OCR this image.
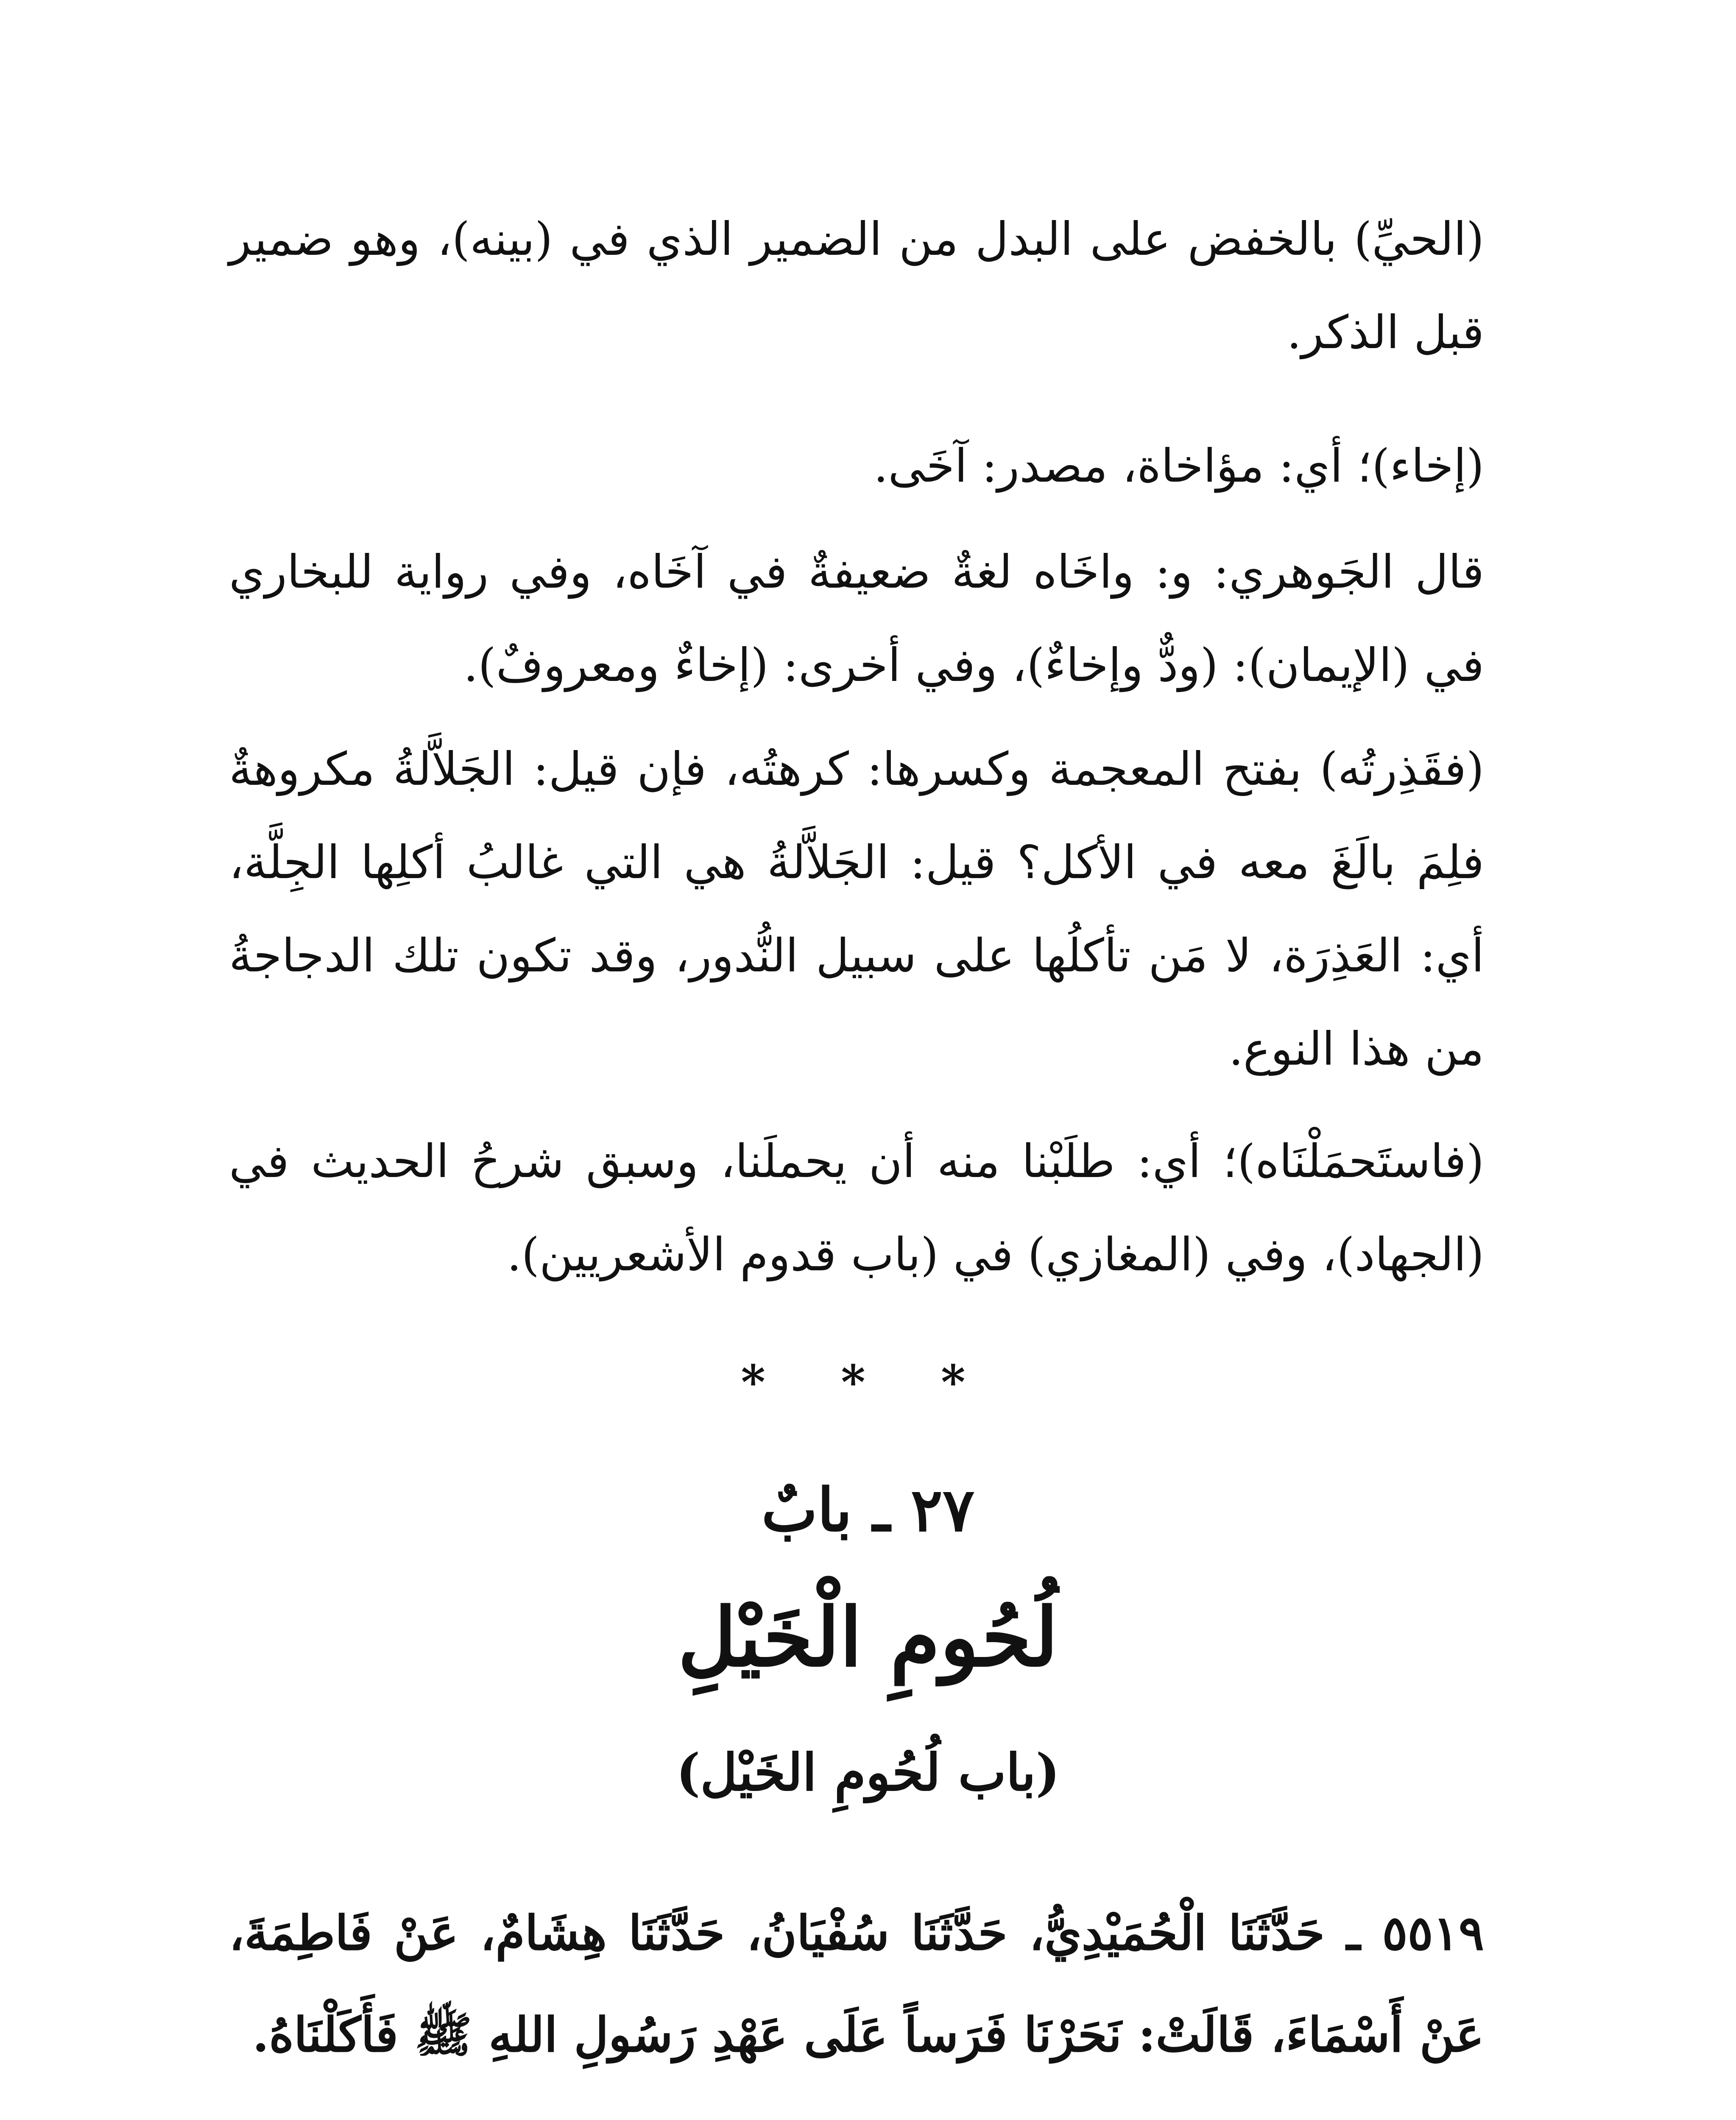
(الحيِّ) بالخفض على البدل من الضمير الذي في (بينه)، وهو ضمير قبل الذكر.

(إخاء)؛ أي: مؤاخاة، مصدر: آخَى.

قال الجَوهري: و: واخَاه لغةٌ ضعيفةٌ في آخَاه، وفي رواية للبخاري في (الإيمان): (ودٌّ وإخاءٌ)، وفي أخرى: (إخاءٌ ومعروفٌ).

(فقَذِرتُه) بفتح المعجمة وكسرها: كرهتُه، فإن قيل: الجَلاَّلةُ مكروهةٌ فلِمَ بالَغَ معه في الأكل؟ قيل: الجَلاَّلةُ هي التي غالبُ أكلِها الجِلَّة، أي: العَذِرَة، لا مَن تأكلُها على سبيل النُّدور، وقد تكون تلك الدجاجةُ من هذا النوع.

(فاستَحمَلْنَاه)؛ أي: طلَبْنا منه أن يحملَنا، وسبق شرحُ الحديث في (الجهاد)، وفي (المغازي) في (باب قدوم الأشعريين).

* * *
٢٧ ـ بابٌ
لُحُومِ الْخَيْلِ
(باب لُحُومِ الخَيْل)

٥٥١٩ ـ حَدَّثَنَا الْحُمَيْدِيُّ، حَدَّثَنَا سُفْيَانُ، حَدَّثَنَا هِشَامٌ، عَنْ فَاطِمَةَ، عَنْ أَسْمَاءَ، قَالَتْ: نَحَرْنَا فَرَساً عَلَى عَهْدِ رَسُولِ اللهِ ﷺ فَأَكَلْنَاهُ.
